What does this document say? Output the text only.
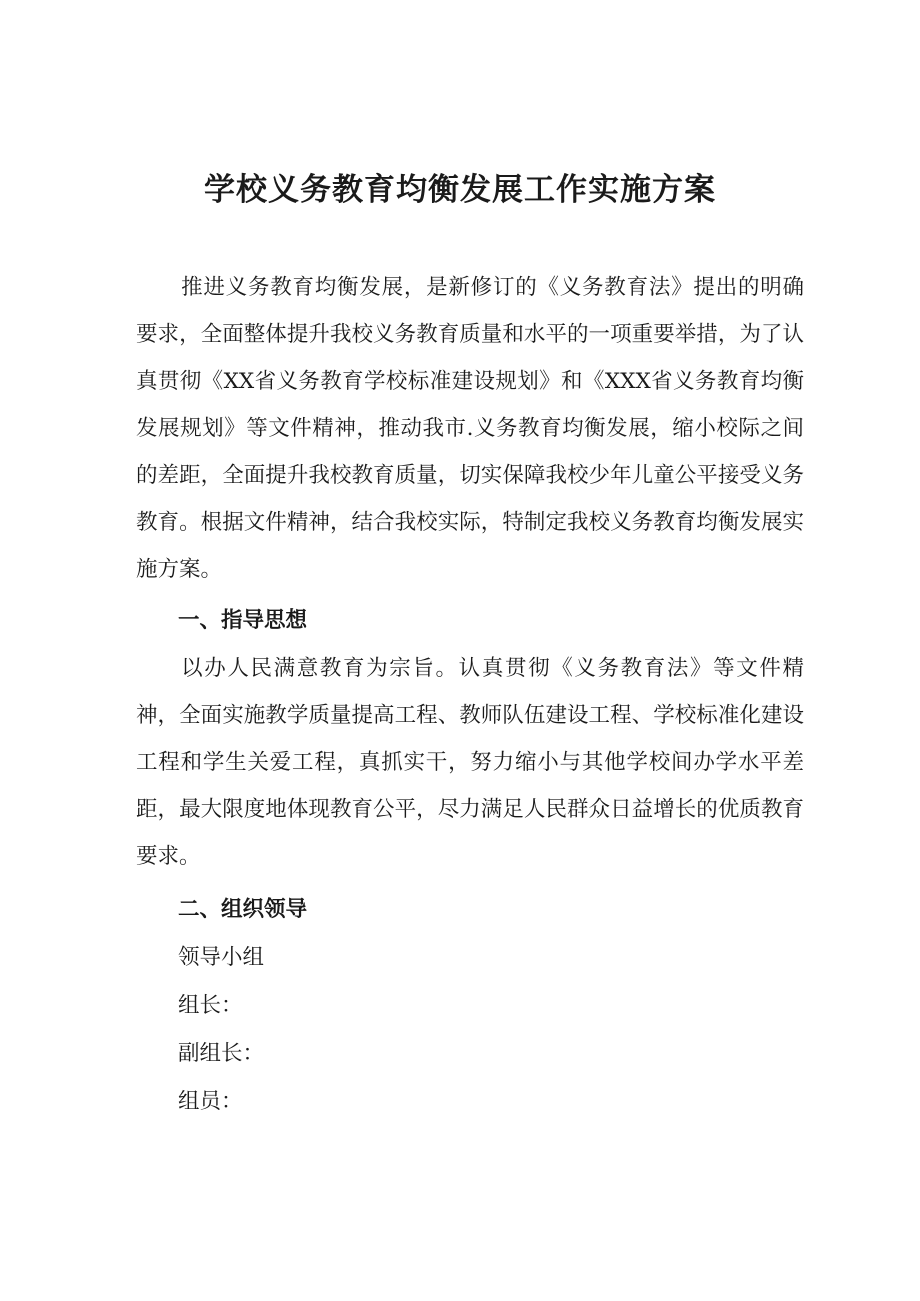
学校义务教育均衡发展工作实施方案

推进义务教育均衡发展，是新修订的《义务教育法》提出的明确要求，全面整体提升我校义务教育质量和水平的一项重要举措，为了认真贯彻《XX省义务教育学校标准建设规划》和《XXX省义务教育均衡发展规划》等文件精神，推动我市.义务教育均衡发展，缩小校际之间的差距，全面提升我校教育质量，切实保障我校少年儿童公平接受义务教育。根据文件精神，结合我校实际，特制定我校义务教育均衡发展实施方案。

一、指导思想

以办人民满意教育为宗旨。认真贯彻《义务教育法》等文件精神，全面实施教学质量提高工程、教师队伍建设工程、学校标准化建设工程和学生关爱工程，真抓实干，努力缩小与其他学校间办学水平差距，最大限度地体现教育公平，尽力满足人民群众日益增长的优质教育要求。

二、组织领导

领导小组

组长：

副组长：

组员：
